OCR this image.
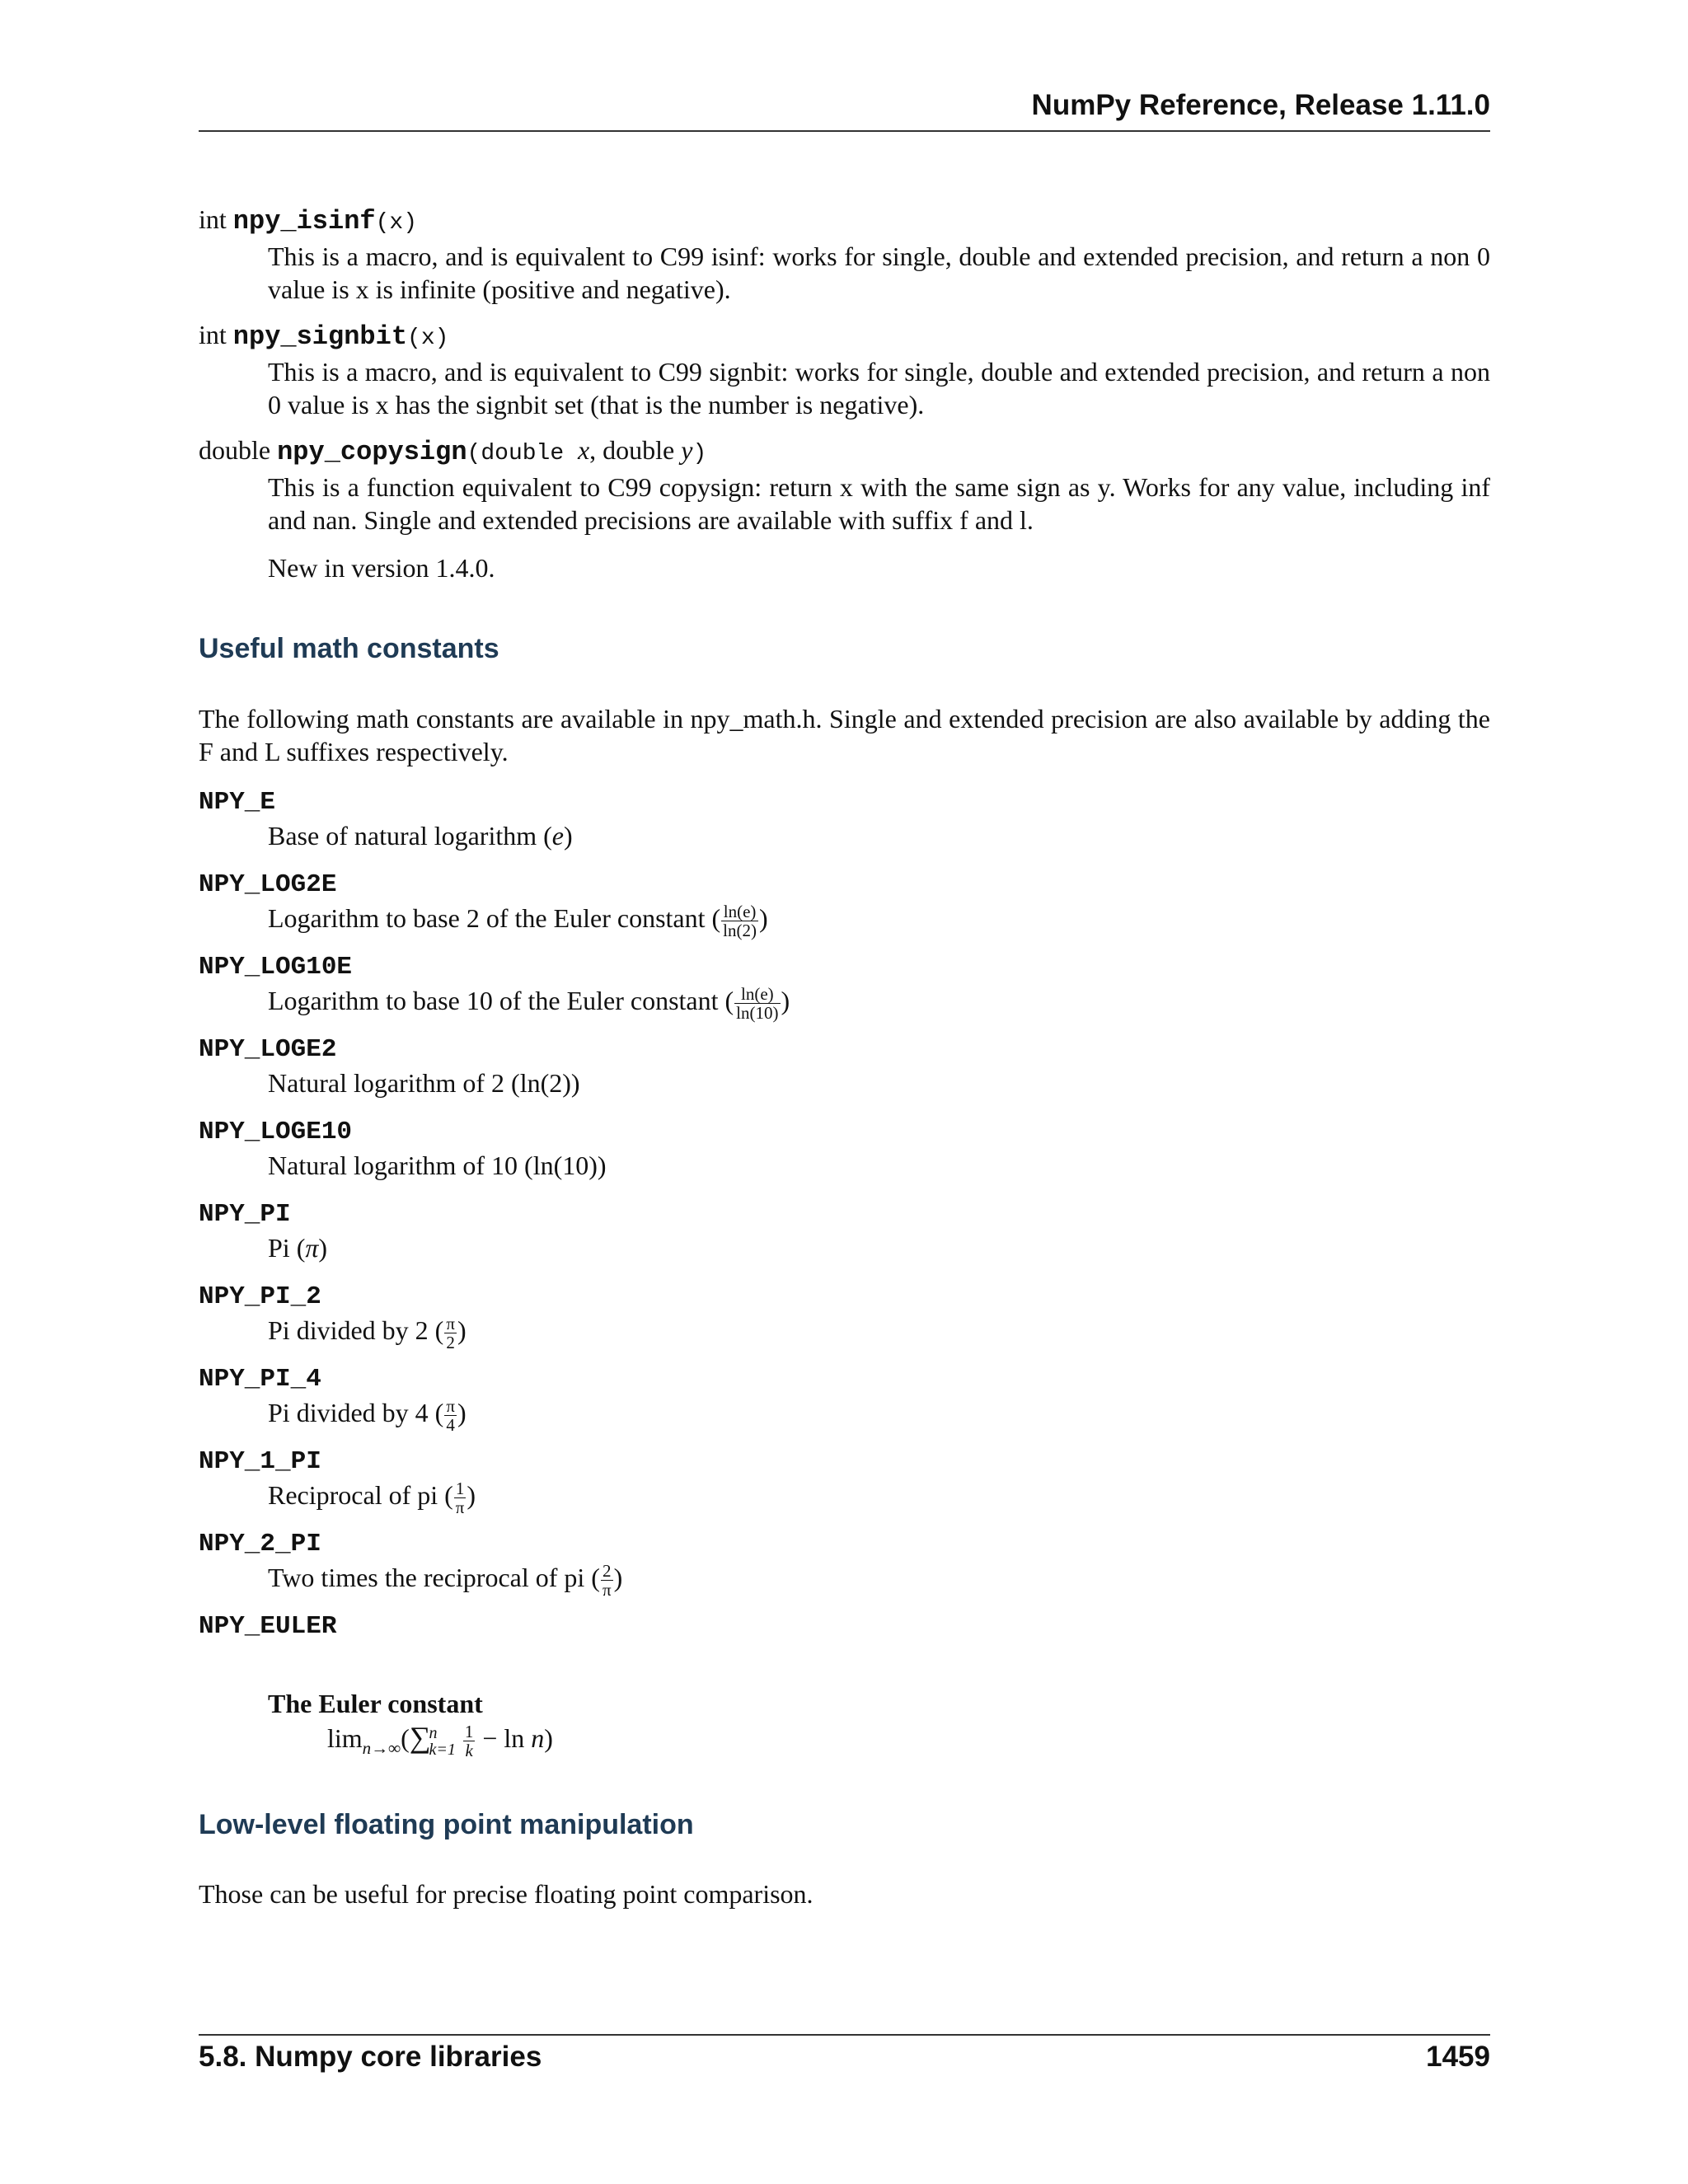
NumPy Reference, Release 1.11.0
int npy_isinf(x)

This is a macro, and is equivalent to C99 isinf: works for single, double and extended precision, and return a non 0 value is x is infinite (positive and negative).

int npy_signbit(x)

This is a macro, and is equivalent to C99 signbit: works for single, double and extended precision, and return a non 0 value is x has the signbit set (that is the number is negative).

double npy_copysign(double x, double y)

This is a function equivalent to C99 copysign: return x with the same sign as y. Works for any value, including inf and nan. Single and extended precisions are available with suffix f and l.

New in version 1.4.0.
Useful math constants
The following math constants are available in npy_math.h. Single and extended precision are also available by adding the F and L suffixes respectively.
NPY_E
Base of natural logarithm (e)
NPY_LOG2E
Logarithm to base 2 of the Euler constant ( $\frac{\ln(e)}{\ln(2)}$ )
NPY_LOG10E
Logarithm to base 10 of the Euler constant ( $\frac{\ln(e)}{\ln(10)}$ )
NPY_LOGE2
Natural logarithm of 2 (ln(2))
NPY_LOGE10
Natural logarithm of 10 (ln(10))
NPY_PI
Pi (π)
NPY_PI_2
Pi divided by 2 ( $\frac{\pi}{2}$ )
NPY_PI_4
Pi divided by 4 ( $\frac{\pi}{4}$ )
NPY_1_PI
Reciprocal of pi ( $\frac{1}{\pi}$ )
NPY_2_PI
Two times the reciprocal of pi ( $\frac{2}{\pi}$ )
NPY_EULER
The Euler constant
$\lim_{n\to\infty}(\sum$
n
k=1
$\frac{1}{k} - \ln n$)
Low-level floating point manipulation
Those can be useful for precise floating point comparison.
5.8. Numpy core libraries	1459
